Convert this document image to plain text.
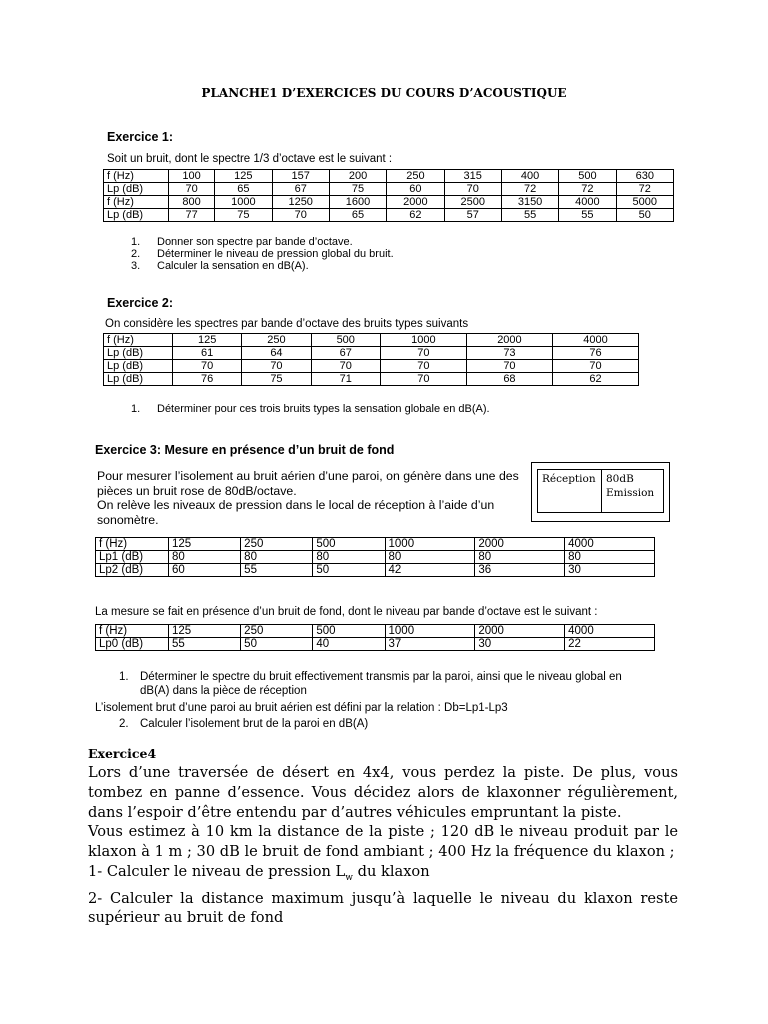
PLANCHE1 D’EXERCICES DU COURS D’ACOUSTIQUE
Exercice 1:
Soit un bruit, dont le spectre 1/3 d’octave est le suivant :
f (Hz)	100	125	157	200	250	315	400	500	630
Lp (dB)	70	65	67	75	60	70	72	72	72
f (Hz)	800	1000	1250	1600	2000	2500	3150	4000	5000
Lp (dB)	77	75	70	65	62	57	55	55	50
1.	Donner son spectre par bande d’octave.
2.	Déterminer le niveau de pression global du bruit.
3.	Calculer la sensation en dB(A).
Exercice 2:
On considère les spectres par bande d’octave des bruits types suivants
f (Hz)	125	250	500	1000	2000	4000
Lp (dB)	61	64	67	70	73	76
Lp (dB)	70	70	70	70	70	70
Lp (dB)	76	75	71	70	68	62
1.	Déterminer pour ces trois bruits types la sensation globale en dB(A).
Exercice 3: Mesure en présence d’un bruit de fond
Pour mesurer l’isolement au bruit aérien d’une paroi, on génère dans une des
pièces un bruit rose de 80dB/octave.
On relève les niveaux de pression dans le local de réception à l’aide d’un
sonomètre.
Réception 80dB
Emission
f (Hz)	125	250	500	1000	2000	4000
Lp1 (dB)	80	80	80	80	80	80
Lp2 (dB)	60	55	50	42	36	30
La mesure se fait en présence d’un bruit de fond, dont le niveau par bande d’octave est le suivant :
f (Hz)	125	250	500	1000	2000	4000
Lp0 (dB)	55	50	40	37	30	22
1. Déterminer le spectre du bruit effectivement transmis par la paroi, ainsi que le niveau global en
dB(A) dans la pièce de réception
L’isolement brut d’une paroi au bruit aérien est défini par la relation : Db=Lp1-Lp3
2. Calculer l’isolement brut de la paroi en dB(A)
Exercice4

Lors d’une traversée de désert en 4x4, vous perdez la piste. De plus, vous tombez en panne d’essence. Vous décidez alors de klaxonner régulièrement, dans l’espoir d’être entendu par d’autres véhicules empruntant la piste.

Vous estimez à 10 km la distance de la piste ; 120 dB le niveau produit par le klaxon à 1 m ; 30 dB le bruit de fond ambiant ; 400 Hz la fréquence du klaxon ;

1- Calculer le niveau de pression $L_w$ du klaxon

2- Calculer la distance maximum jusqu’à laquelle le niveau du klaxon reste supérieur au bruit de fond
